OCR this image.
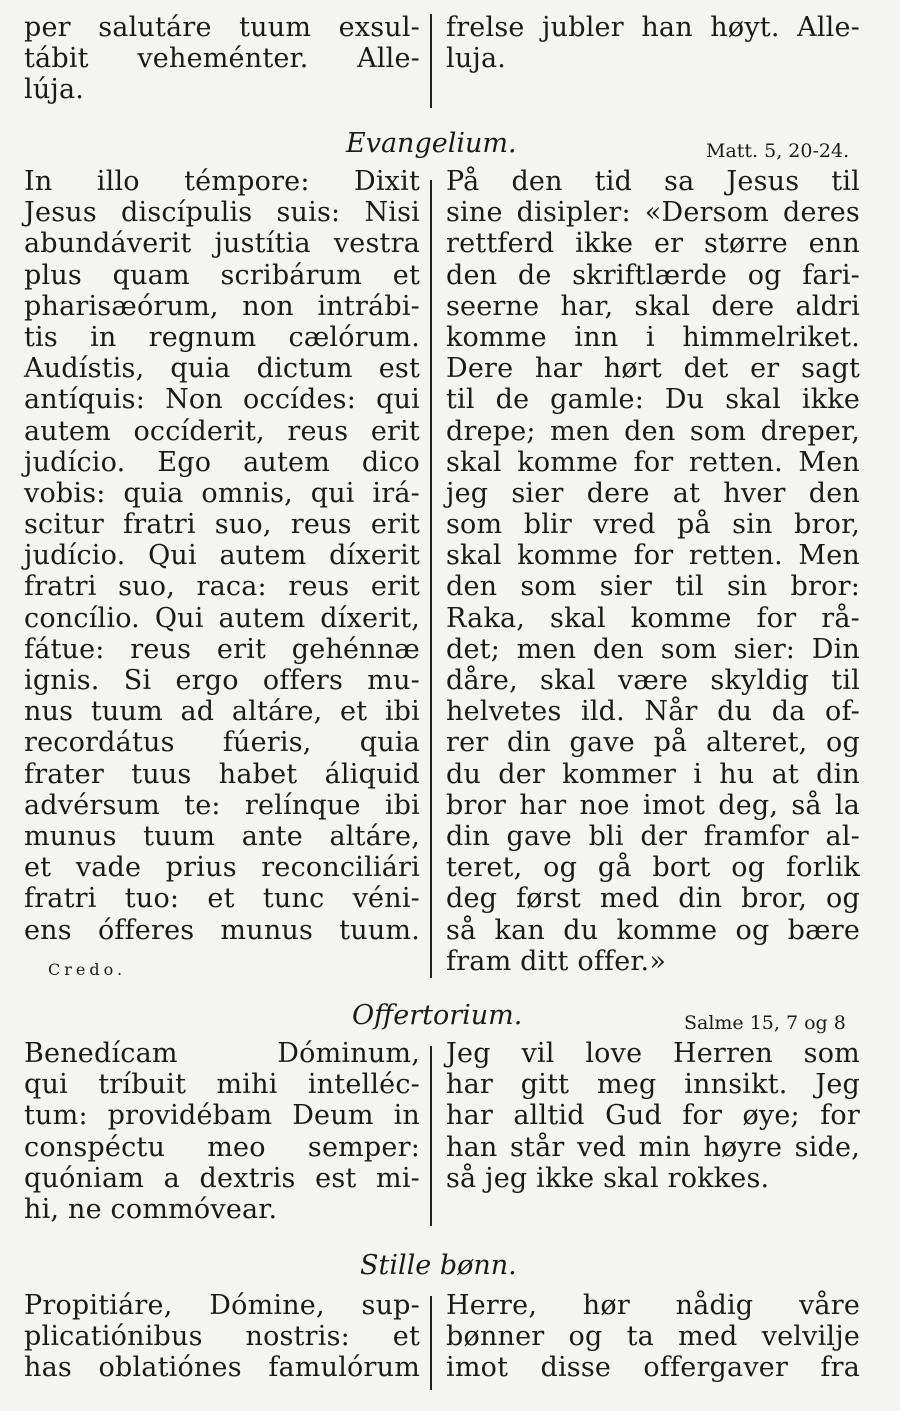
per salutáre tuum exsul-
tábit veheménter. Alle-
lúja.
frelse jubler han høyt. Alle-
luja.
Evangelium.	Matt. 5, 20-24.
In illo témpore: Dixit
Jesus discípulis suis: Nisi
abundáverit justítia vestra
plus quam scribárum et
pharisæórum, non intrábi-
tis in regnum cælórum.
Audístis, quia dictum est
antíquis: Non occídes: qui
autem occíderit, reus erit
judício. Ego autem dico
vobis: quia omnis, qui irá-
scitur fratri suo, reus erit
judício. Qui autem díxerit
fratri suo, raca: reus erit
concílio. Qui autem díxerit,
fátue: reus erit gehénnæ
ignis. Si ergo offers mu-
nus tuum ad altáre, et ibi
recordátus fúeris, quia
frater tuus habet áliquid
advérsum te: relínque ibi
munus tuum ante altáre,
et vade prius reconciliári
fratri tuo: et tunc véni-
ens ófferes munus tuum.
På den tid sa Jesus til
sine disipler: «Dersom deres
rettferd ikke er større enn
den de skriftlærde og fari-
seerne har, skal dere aldri
komme inn i himmelriket.
Dere har hørt det er sagt
til de gamle: Du skal ikke
drepe; men den som dreper,
skal komme for retten. Men
jeg sier dere at hver den
som blir vred på sin bror,
skal komme for retten. Men
den som sier til sin bror:
Raka, skal komme for rå-
det; men den som sier: Din
dåre, skal være skyldig til
helvetes ild. Når du da of-
rer din gave på alteret, og
du der kommer i hu at din
bror har noe imot deg, så la
din gave bli der framfor al-
teret, og gå bort og forlik
deg først med din bror, og
så kan du komme og bære
fram ditt offer.»
Credo.
Offertorium.	Salme 15, 7 og 8
Benedícam Dóminum,
qui tríbuit mihi intelléc-
tum: providébam Deum in
conspéctu meo semper:
quóniam a dextris est mi-
hi, ne commóvear.
Jeg vil love Herren som
har gitt meg innsikt. Jeg
har alltid Gud for øye; for
han står ved min høyre side,
så jeg ikke skal rokkes.
Stille bønn.
Propitiáre, Dómine, sup-
plicatiónibus nostris: et
has oblatiónes famulórum
Herre, hør nådig våre
bønner og ta med velvilje
imot disse offergaver fra
